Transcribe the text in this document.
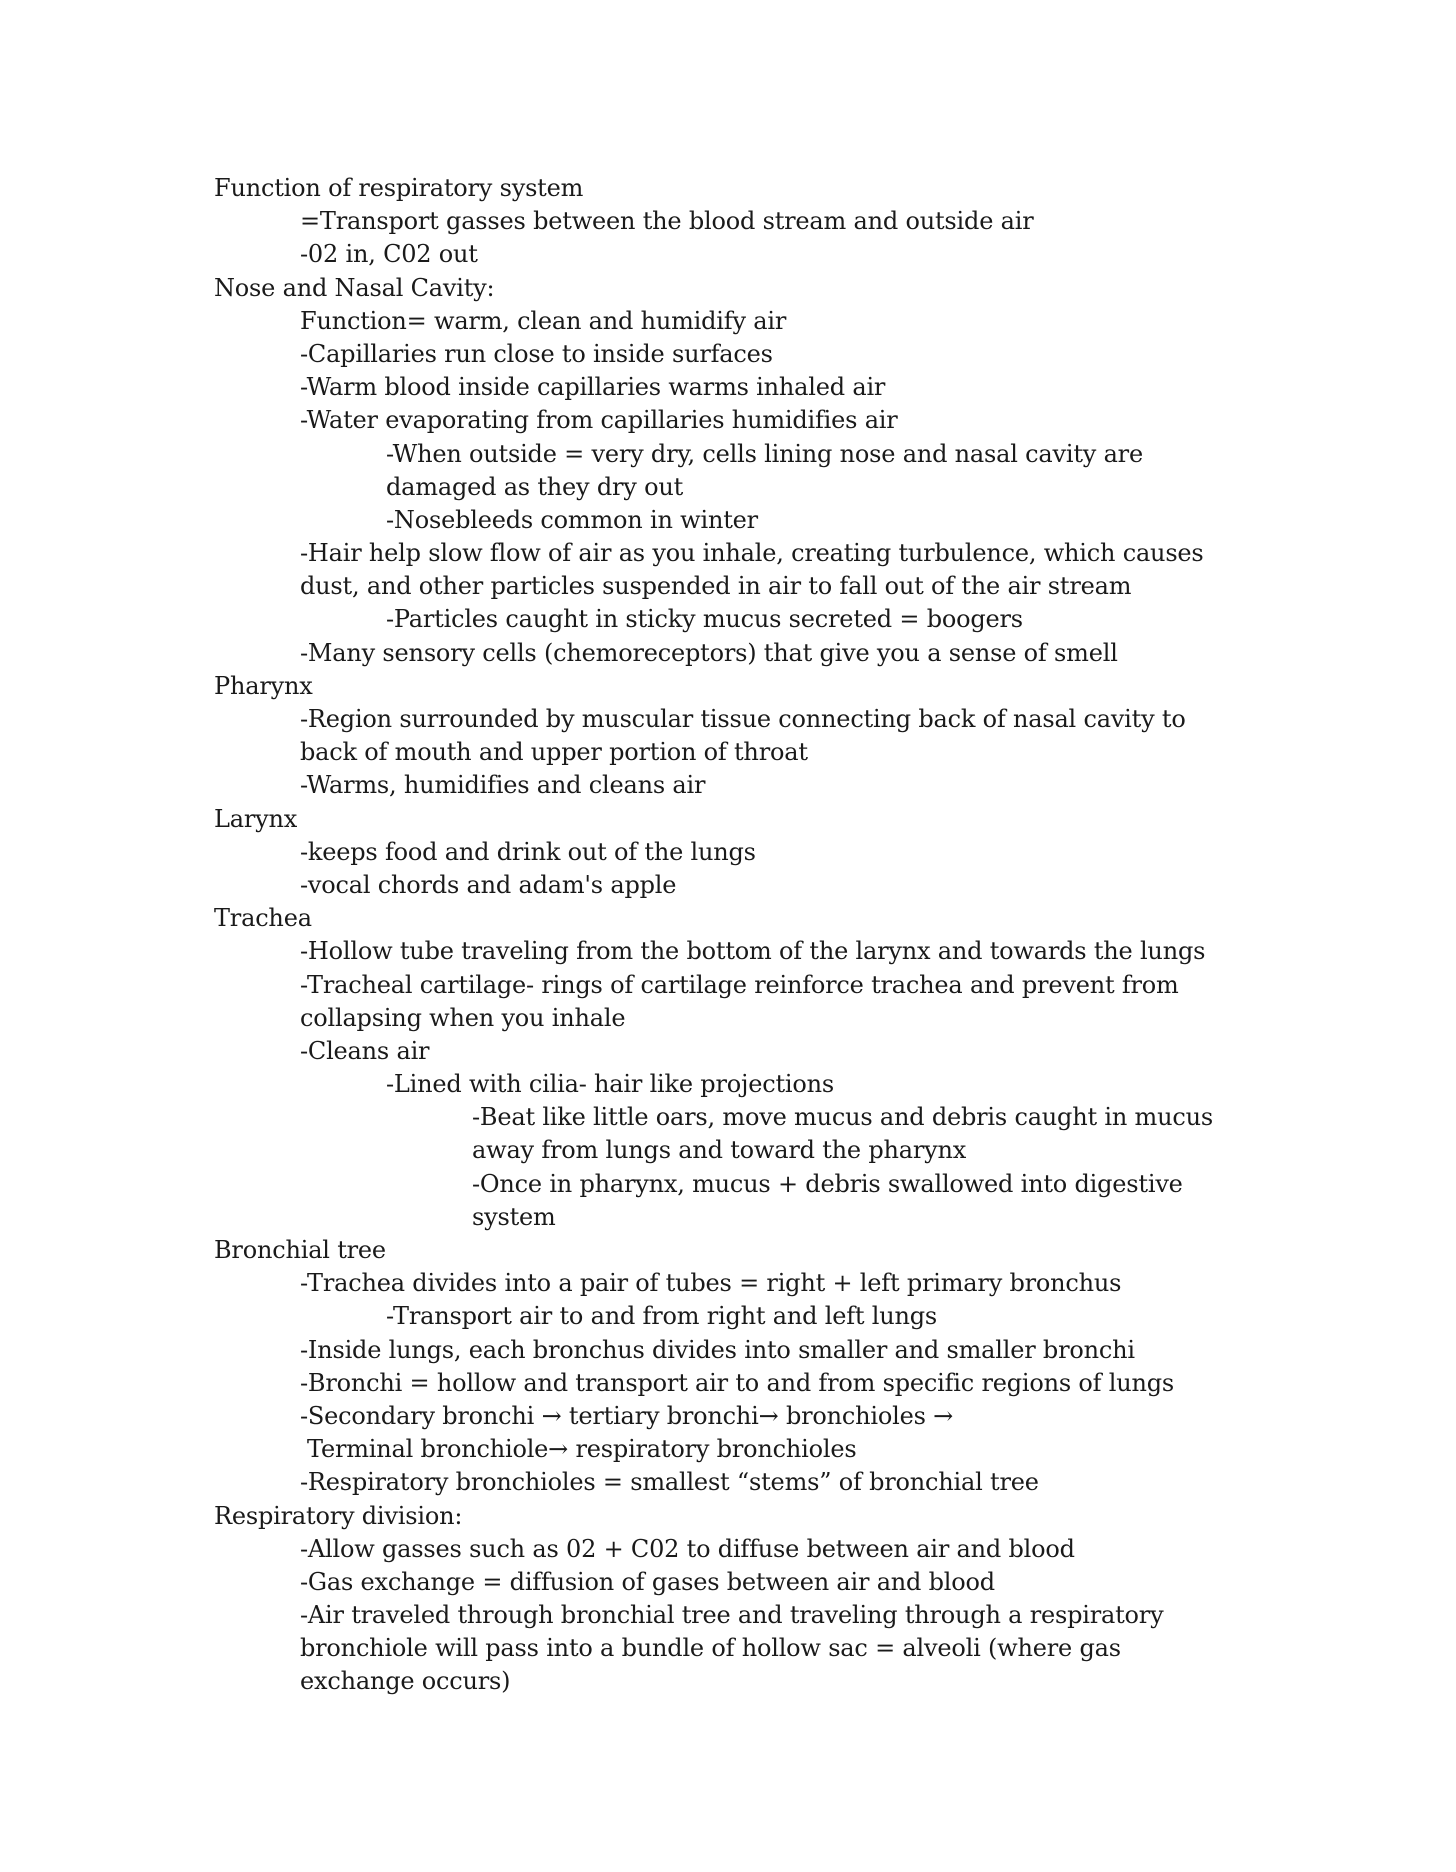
Function of respiratory system
=Transport gasses between the blood stream and outside air
-02 in, C02 out
Nose and Nasal Cavity:
Function= warm, clean and humidify air
-Capillaries run close to inside surfaces
-Warm blood inside capillaries warms inhaled air
-Water evaporating from capillaries humidifies air
-When outside = very dry, cells lining nose and nasal cavity are
damaged as they dry out
-Nosebleeds common in winter
-Hair help slow flow of air as you inhale, creating turbulence, which causes
dust, and other particles suspended in air to fall out of the air stream
-Particles caught in sticky mucus secreted = boogers
-Many sensory cells (chemoreceptors) that give you a sense of smell
Pharynx
-Region surrounded by muscular tissue connecting back of nasal cavity to
back of mouth and upper portion of throat
-Warms, humidifies and cleans air
Larynx
-keeps food and drink out of the lungs
-vocal chords and adam's apple
Trachea
-Hollow tube traveling from the bottom of the larynx and towards the lungs
-Tracheal cartilage- rings of cartilage reinforce trachea and prevent from
collapsing when you inhale
-Cleans air
-Lined with cilia- hair like projections
-Beat like little oars, move mucus and debris caught in mucus
away from lungs and toward the pharynx
-Once in pharynx, mucus + debris swallowed into digestive
system
Bronchial tree
-Trachea divides into a pair of tubes = right + left primary bronchus
-Transport air to and from right and left lungs
-Inside lungs, each bronchus divides into smaller and smaller bronchi
-Bronchi = hollow and transport air to and from specific regions of lungs
-Secondary bronchi → tertiary bronchi→ bronchioles →
Terminal bronchiole→ respiratory bronchioles
-Respiratory bronchioles = smallest “stems” of bronchial tree
Respiratory division:
-Allow gasses such as 02 + C02 to diffuse between air and blood
-Gas exchange = diffusion of gases between air and blood
-Air traveled through bronchial tree and traveling through a respiratory
bronchiole will pass into a bundle of hollow sac = alveoli (where gas
exchange occurs)
